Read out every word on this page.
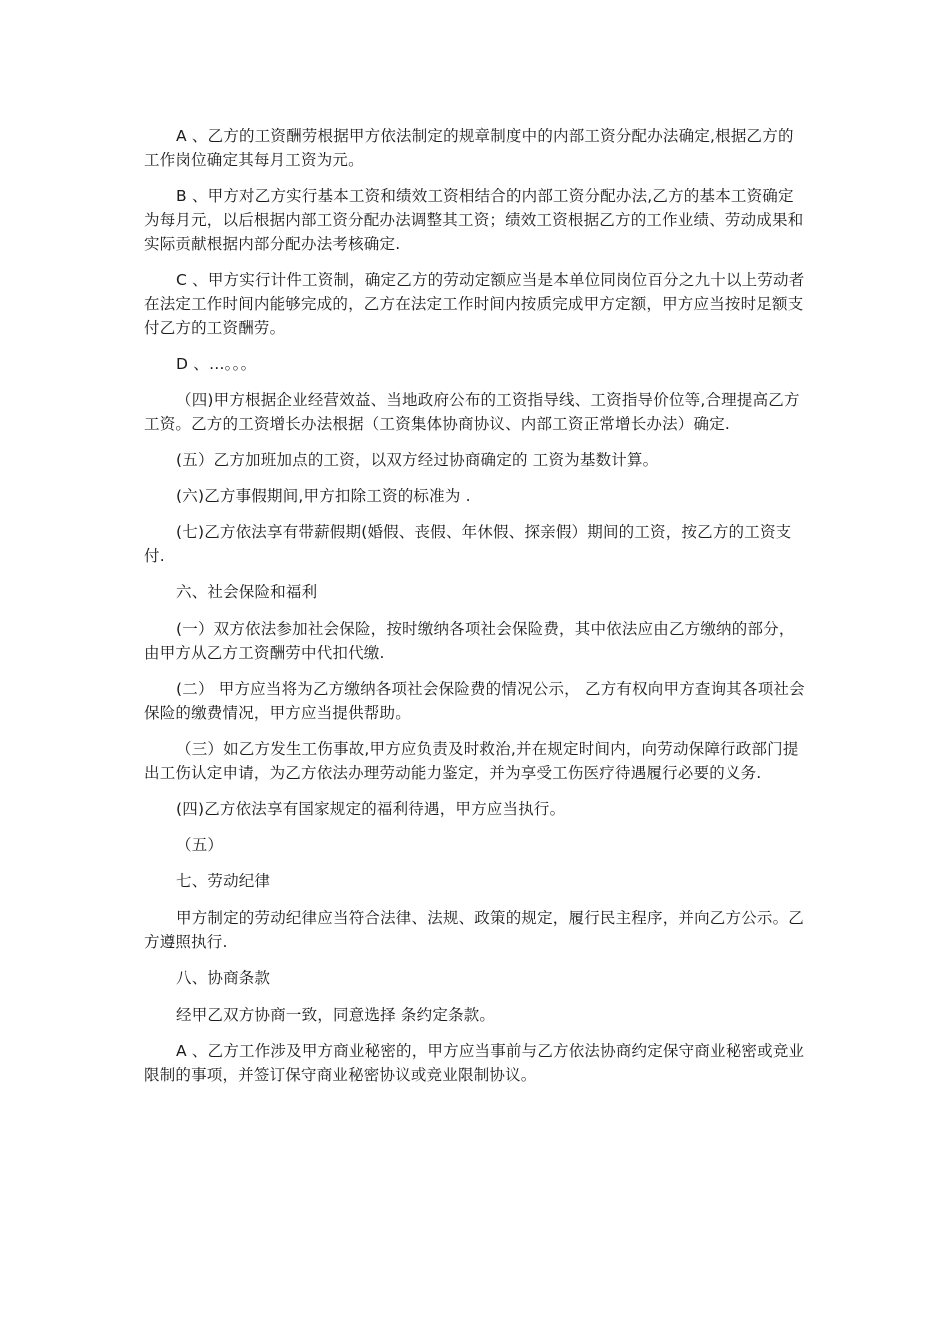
A 、乙方的工资酬劳根据甲方依法制定的规章制度中的内部工资分配办法确定,根据乙方的工作岗位确定其每月工资为元。

B 、甲方对乙方实行基本工资和绩效工资相结合的内部工资分配办法,乙方的基本工资确定为每月元，以后根据内部工资分配办法调整其工资；绩效工资根据乙方的工作业绩、劳动成果和实际贡献根据内部分配办法考核确定.

C 、甲方实行计件工资制，确定乙方的劳动定额应当是本单位同岗位百分之九十以上劳动者在法定工作时间内能够完成的，乙方在法定工作时间内按质完成甲方定额，甲方应当按时足额支付乙方的工资酬劳。

D 、…。。。

（四)甲方根据企业经营效益、当地政府公布的工资指导线、工资指导价位等,合理提高乙方工资。乙方的工资增长办法根据（工资集体协商协议、内部工资正常增长办法）确定.

(五）乙方加班加点的工资，以双方经过协商确定的 工资为基数计算。

(六)乙方事假期间,甲方扣除工资的标准为 .

(七)乙方依法享有带薪假期(婚假、丧假、年休假、探亲假）期间的工资，按乙方的工资支付.

六、社会保险和福利

(一）双方依法参加社会保险，按时缴纳各项社会保险费，其中依法应由乙方缴纳的部分，由甲方从乙方工资酬劳中代扣代缴.

(二） 甲方应当将为乙方缴纳各项社会保险费的情况公示， 乙方有权向甲方查询其各项社会保险的缴费情况，甲方应当提供帮助。

（三）如乙方发生工伤事故,甲方应负责及时救治,并在规定时间内，向劳动保障行政部门提出工伤认定申请，为乙方依法办理劳动能力鉴定，并为享受工伤医疗待遇履行必要的义务.

(四)乙方依法享有国家规定的福利待遇，甲方应当执行。

（五）

七、劳动纪律

甲方制定的劳动纪律应当符合法律、法规、政策的规定，履行民主程序，并向乙方公示。乙方遵照执行.

八、协商条款

经甲乙双方协商一致，同意选择 条约定条款。

A 、乙方工作涉及甲方商业秘密的，甲方应当事前与乙方依法协商约定保守商业秘密或竞业限制的事项，并签订保守商业秘密协议或竞业限制协议。
